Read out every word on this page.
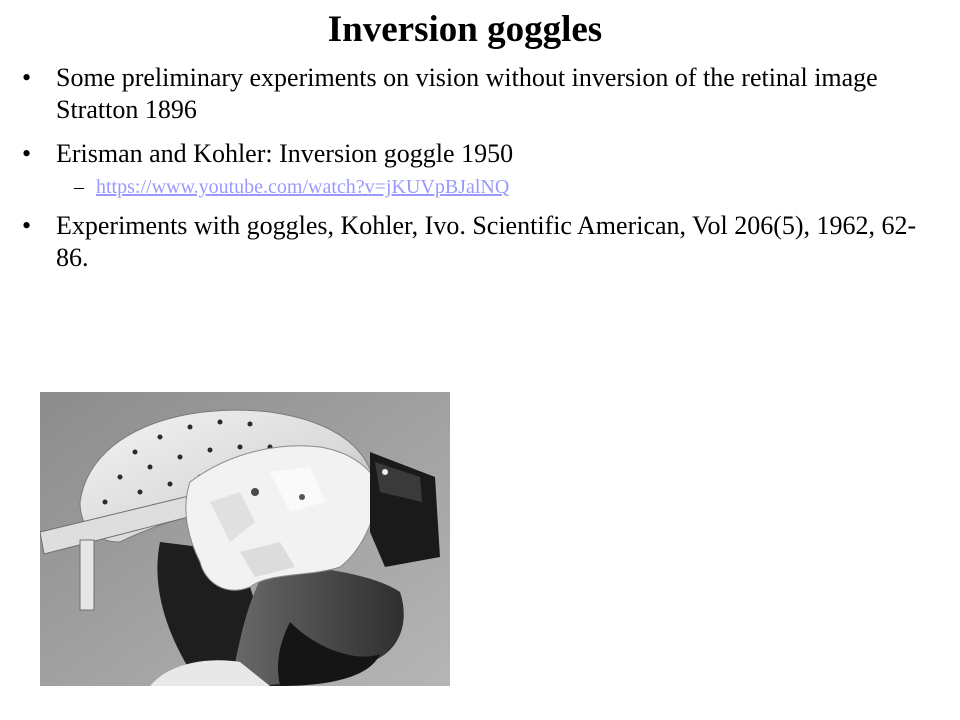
Inversion goggles
• Some preliminary experiments on vision without inversion of the retinal image Stratton 1896
• Erisman and Kohler: Inversion goggle 1950
– https://www.youtube.com/watch?v=jKUVpBJalNQ
• Experiments with goggles, Kohler, Ivo. Scientific American, Vol 206(5), 1962, 62-86.
